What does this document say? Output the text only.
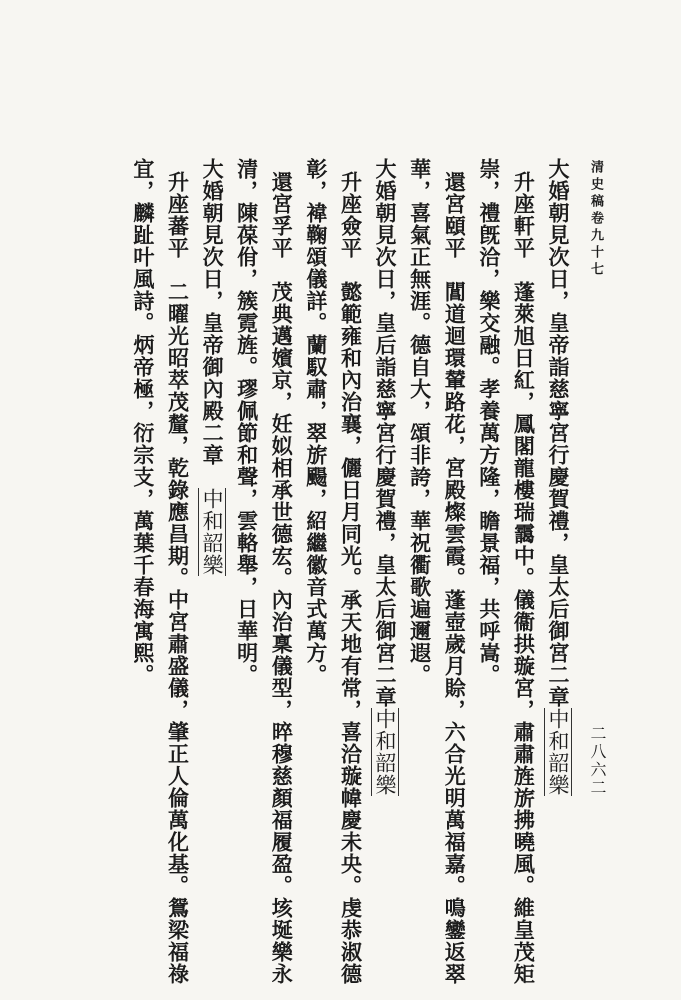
清史稿卷九十七
二八六二
大婚朝見次日，皇帝詣慈寧宮行慶賀禮，皇太后御宮二章中和韶樂
升座軒平　蓬萊旭日紅，鳳閣龍樓瑞靄中。儀衞拱璇宮，肅肅旌旂拂曉風。維皇茂矩
崇，禮旣洽，樂交融。孝養萬方隆，瞻景福，共呼嵩。
還宮頤平　閶道迴環輦路花，宮殿燦雲霞。蓬壺歲月賒，六合光明萬福嘉。鳴鑾返翠
華，喜氣正無涯。德自大，頌非誇，華祝衢歌遍邇遐。
大婚朝見次日，皇后詣慈寧宮行慶賀禮，皇太后御宮二章中和韶樂
升座僉平　懿範雍和內治襄，儷日月同光。承天地有常，喜洽璇幃慶未央。虔恭淑德
彰，褘鞠頌儀詳。蘭馭肅，翠旂颺，紹繼徽音式萬方。
還宮孚平　茂典邁嬪京，妊姒相承世德宏。內治稟儀型，晬穆慈顏福履盈。垓埏樂永
清，陳葆佾，簇霓旌。璆佩節和聲，雲輅舉，日華明。
大婚朝見次日，皇帝御內殿二章　中和韶樂
升座蕃平　二曜光昭萃茂釐，乾錄應昌期。中宮肅盛儀，肇正人倫萬化基。鴛梁福祿
宜，麟趾叶風詩。炳帝極，衍宗支，萬葉千春海寓熙。
